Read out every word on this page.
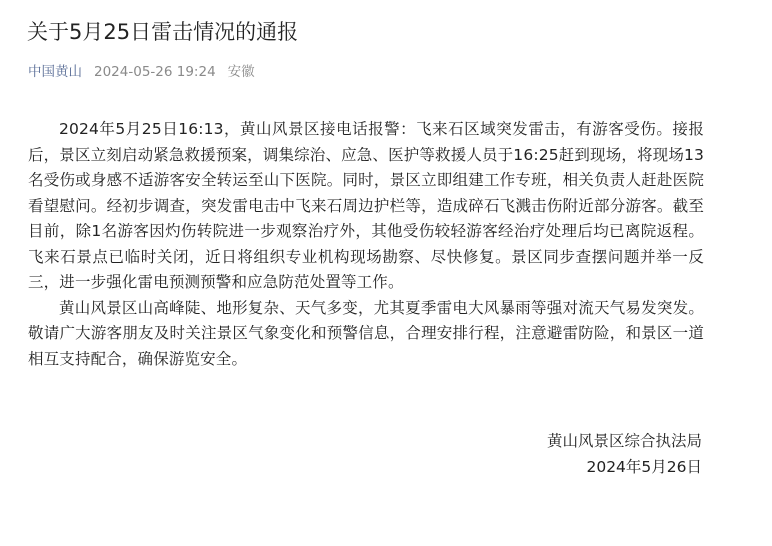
关于5月25日雷击情况的通报
中国黄山 2024-05-26 19:24 安徽

2024年5月25日16:13，黄山风景区接电话报警：飞来石区域突发雷击，有游客受伤。接报后，景区立刻启动紧急救援预案，调集综治、应急、医护等救援人员于16:25赶到现场，将现场13名受伤或身感不适游客安全转运至山下医院。同时，景区立即组建工作专班，相关负责人赶赴医院看望慰问。经初步调查，突发雷电击中飞来石周边护栏等，造成碎石飞溅击伤附近部分游客。截至目前，除1名游客因灼伤转院进一步观察治疗外，其他受伤较轻游客经治疗处理后均已离院返程。飞来石景点已临时关闭，近日将组织专业机构现场勘察、尽快修复。景区同步查摆问题并举一反三，进一步强化雷电预测预警和应急防范处置等工作。

黄山风景区山高峰陡、地形复杂、天气多变，尤其夏季雷电大风暴雨等强对流天气易发突发。敬请广大游客朋友及时关注景区气象变化和预警信息，合理安排行程，注意避雷防险，和景区一道相互支持配合，确保游览安全。

黄山风景区综合执法局
2024年5月26日
